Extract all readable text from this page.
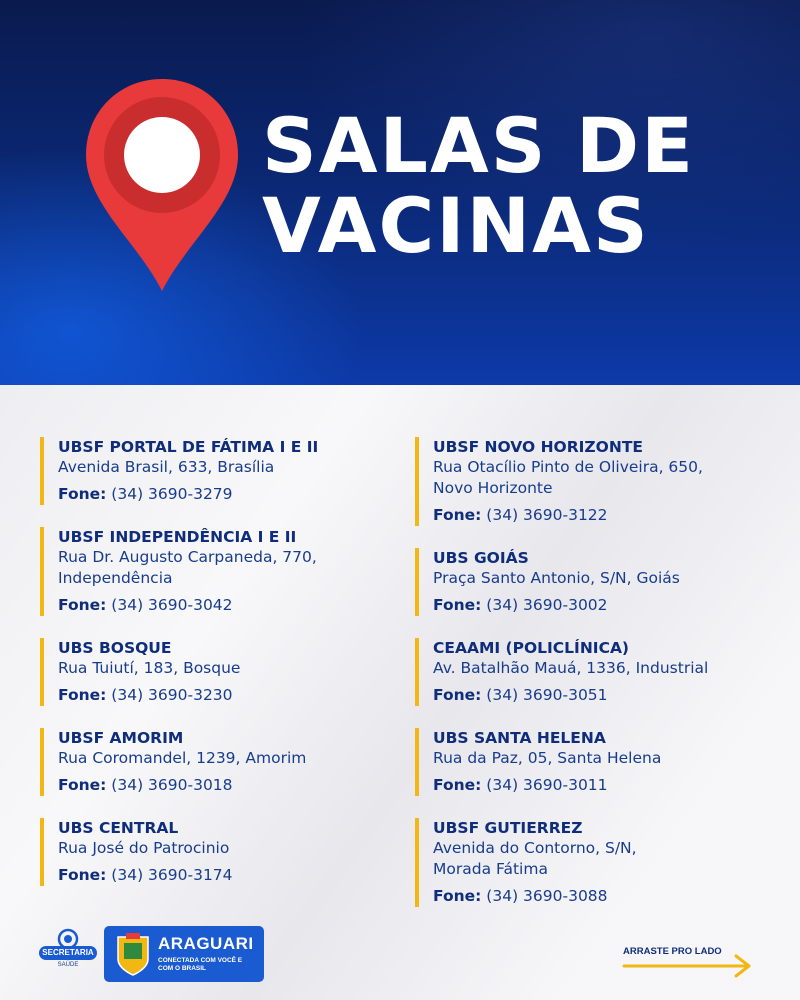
SALAS DE
VACINAS
UBSF PORTAL DE FÁTIMA I E II
Avenida Brasil, 633, Brasília
Fone: (34) 3690-3279
UBSF INDEPENDÊNCIA I E II
Rua Dr. Augusto Carpaneda, 770,
Independência
Fone: (34) 3690-3042
UBS BOSQUE
Rua Tuiutí, 183, Bosque
Fone: (34) 3690-3230
UBSF AMORIM
Rua Coromandel, 1239, Amorim
Fone: (34) 3690-3018
UBS CENTRAL
Rua José do Patrocinio
Fone: (34) 3690-3174
UBSF NOVO HORIZONTE
Rua Otacílio Pinto de Oliveira, 650,
Novo Horizonte
Fone: (34) 3690-3122
UBS GOIÁS
Praça Santo Antonio, S/N, Goiás
Fone: (34) 3690-3002
CEAAMI (POLICLÍNICA)
Av. Batalhão Mauá, 1336, Industrial
Fone: (34) 3690-3051
UBS SANTA HELENA
Rua da Paz, 05, Santa Helena
Fone: (34) 3690-3011
UBSF GUTIERREZ
Avenida do Contorno, S/N,
Morada Fátima
Fone: (34) 3690-3088
SECRETARIA
SAÚDE
ARAGUARI
CONECTADA COM VOCÊ E COM O BRASIL
ARRASTE PRO LADO
